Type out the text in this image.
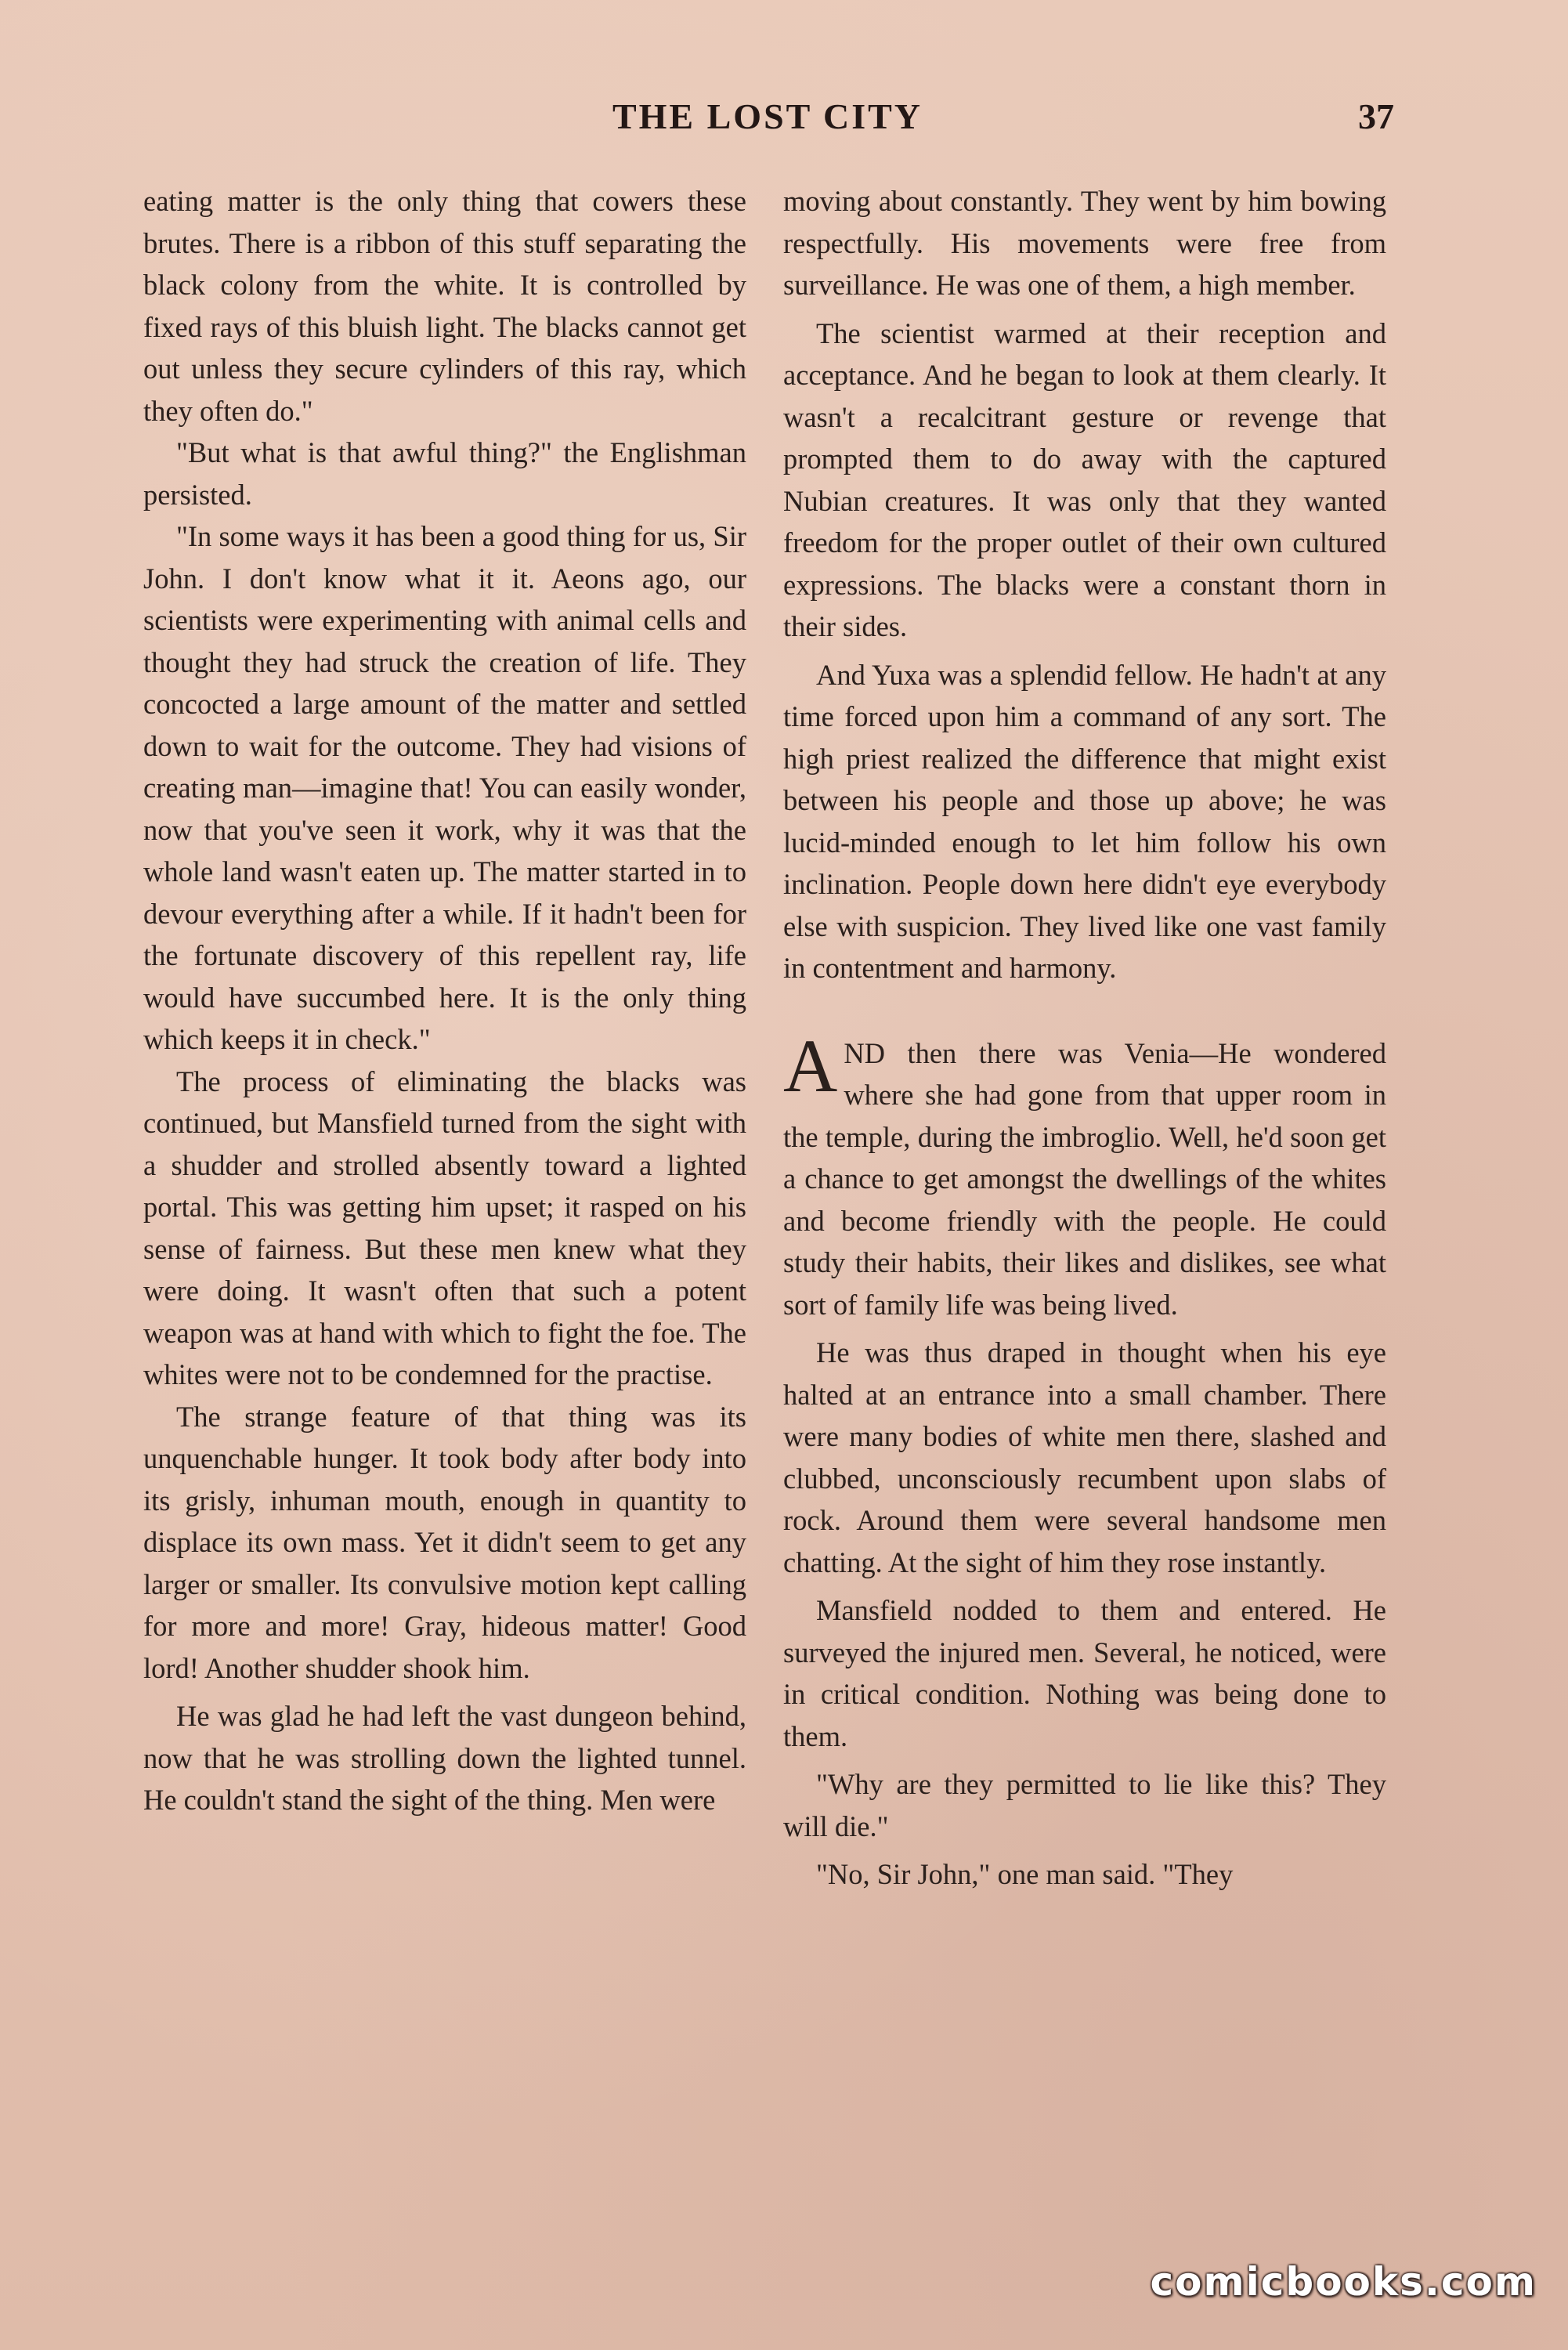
THE LOST CITY	37

eating matter is the only thing that cowers these brutes. There is a ribbon of this stuff separating the black colony from the white. It is controlled by fixed rays of this bluish light. The blacks cannot get out unless they secure cylinders of this ray, which they often do."

"But what is that awful thing?" the Englishman persisted.

"In some ways it has been a good thing for us, Sir John. I don't know what it it. Aeons ago, our scientists were experimenting with animal cells and thought they had struck the creation of life. They concocted a large amount of the matter and settled down to wait for the outcome. They had visions of creating man—imagine that! You can easily wonder, now that you've seen it work, why it was that the whole land wasn't eaten up. The matter started in to devour everything after a while. If it hadn't been for the fortunate discovery of this repellent ray, life would have succumbed here. It is the only thing which keeps it in check."

The process of eliminating the blacks was continued, but Mansfield turned from the sight with a shudder and strolled absently toward a lighted portal. This was getting him upset; it rasped on his sense of fairness. But these men knew what they were doing. It wasn't often that such a potent weapon was at hand with which to fight the foe. The whites were not to be condemned for the practise.

The strange feature of that thing was its unquenchable hunger. It took body after body into its grisly, inhuman mouth, enough in quantity to displace its own mass. Yet it didn't seem to get any larger or smaller. Its convulsive motion kept calling for more and more! Gray, hideous matter! Good lord! Another shudder shook him.

He was glad he had left the vast dungeon behind, now that he was strolling down the lighted tunnel. He couldn't stand the sight of the thing. Men were

moving about constantly. They went by him bowing respectfully. His movements were free from surveillance. He was one of them, a high member.

The scientist warmed at their reception and acceptance. And he began to look at them clearly. It wasn't a recalcitrant gesture or revenge that prompted them to do away with the captured Nubian creatures. It was only that they wanted freedom for the proper outlet of their own cultured expressions. The blacks were a constant thorn in their sides.

And Yuxa was a splendid fellow. He hadn't at any time forced upon him a command of any sort. The high priest realized the difference that might exist between his people and those up above; he was lucid-minded enough to let him follow his own inclination. People down here didn't eye everybody else with suspicion. They lived like one vast family in contentment and harmony.

AND then there was Venia—He wondered where she had gone from that upper room in the temple, during the imbroglio. Well, he'd soon get a chance to get amongst the dwellings of the whites and become friendly with the people. He could study their habits, their likes and dislikes, see what sort of family life was being lived.

He was thus draped in thought when his eye halted at an entrance into a small chamber. There were many bodies of white men there, slashed and clubbed, unconsciously recumbent upon slabs of rock. Around them were several handsome men chatting. At the sight of him they rose instantly.

Mansfield nodded to them and entered. He surveyed the injured men. Several, he noticed, were in critical condition. Nothing was being done to them.

"Why are they permitted to lie like this? They will die."

"No, Sir John," one man said. "They

comicbooks.com
